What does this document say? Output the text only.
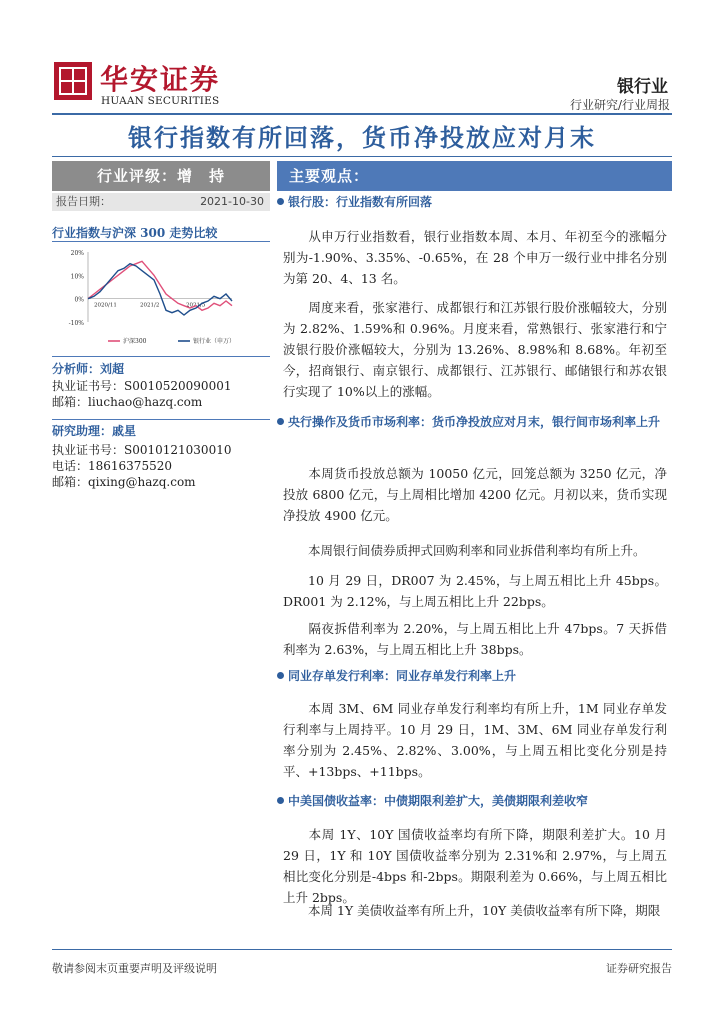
华安证券
HUAAN SECURITIES
银行业
行业研究/行业周报
银行指数有所回落，货币净投放应对月末
行业评级：增　持
报告日期：	2021-10-30
行业指数与沪深 300 走势比较
20%
10%
0%
-10%
2020/11	2021/2	2021/5
沪深300	银行业（申万）
分析师：刘超
执业证书号：S0010520090001
邮箱：liuchao@hazq.com
研究助理：戚星
执业证书号：S0010121030010
电话：18616375520
邮箱：qixing@hazq.com
主要观点：
银行股：行业指数有所回落
从申万行业指数看，银行业指数本周、本月、年初至今的涨幅分别为-1.90%、3.35%、-0.65%，在 28 个申万一级行业中排名分别为第 20、4、13 名。
周度来看，张家港行、成都银行和江苏银行股价涨幅较大，分别为 2.82%、1.59%和 0.96%。月度来看，常熟银行、张家港行和宁波银行股价涨幅较大，分别为 13.26%、8.98%和 8.68%。年初至今，招商银行、南京银行、成都银行、江苏银行、邮储银行和苏农银行实现了 10%以上的涨幅。
央行操作及货币市场利率：货币净投放应对月末，银行间市场利率上升
本周货币投放总额为 10050 亿元，回笼总额为 3250 亿元，净投放 6800 亿元，与上周相比增加 4200 亿元。月初以来，货币实现净投放 4900 亿元。
本周银行间债券质押式回购利率和同业拆借利率均有所上升。
10 月 29 日，DR007 为 2.45%，与上周五相比上升 45bps。DR001 为 2.12%，与上周五相比上升 22bps。
隔夜拆借利率为 2.20%，与上周五相比上升 47bps。7 天拆借利率为 2.63%，与上周五相比上升 38bps。
同业存单发行利率：同业存单发行利率上升
本周 3M、6M 同业存单发行利率均有所上升，1M 同业存单发行利率与上周持平。10 月 29 日，1M、3M、6M 同业存单发行利率分别为 2.45%、2.82%、3.00%，与上周五相比变化分别是持平、+13bps、+11bps。
中美国债收益率：中债期限利差扩大，美债期限利差收窄
本周 1Y、10Y 国债收益率均有所下降，期限利差扩大。10 月 29 日，1Y 和 10Y 国债收益率分别为 2.31%和 2.97%，与上周五相比变化分别是-4bps 和-2bps。期限利差为 0.66%，与上周五相比上升 2bps。
本周 1Y 美债收益率有所上升，10Y 美债收益率有所下降，期限
敬请参阅末页重要声明及评级说明	证券研究报告
